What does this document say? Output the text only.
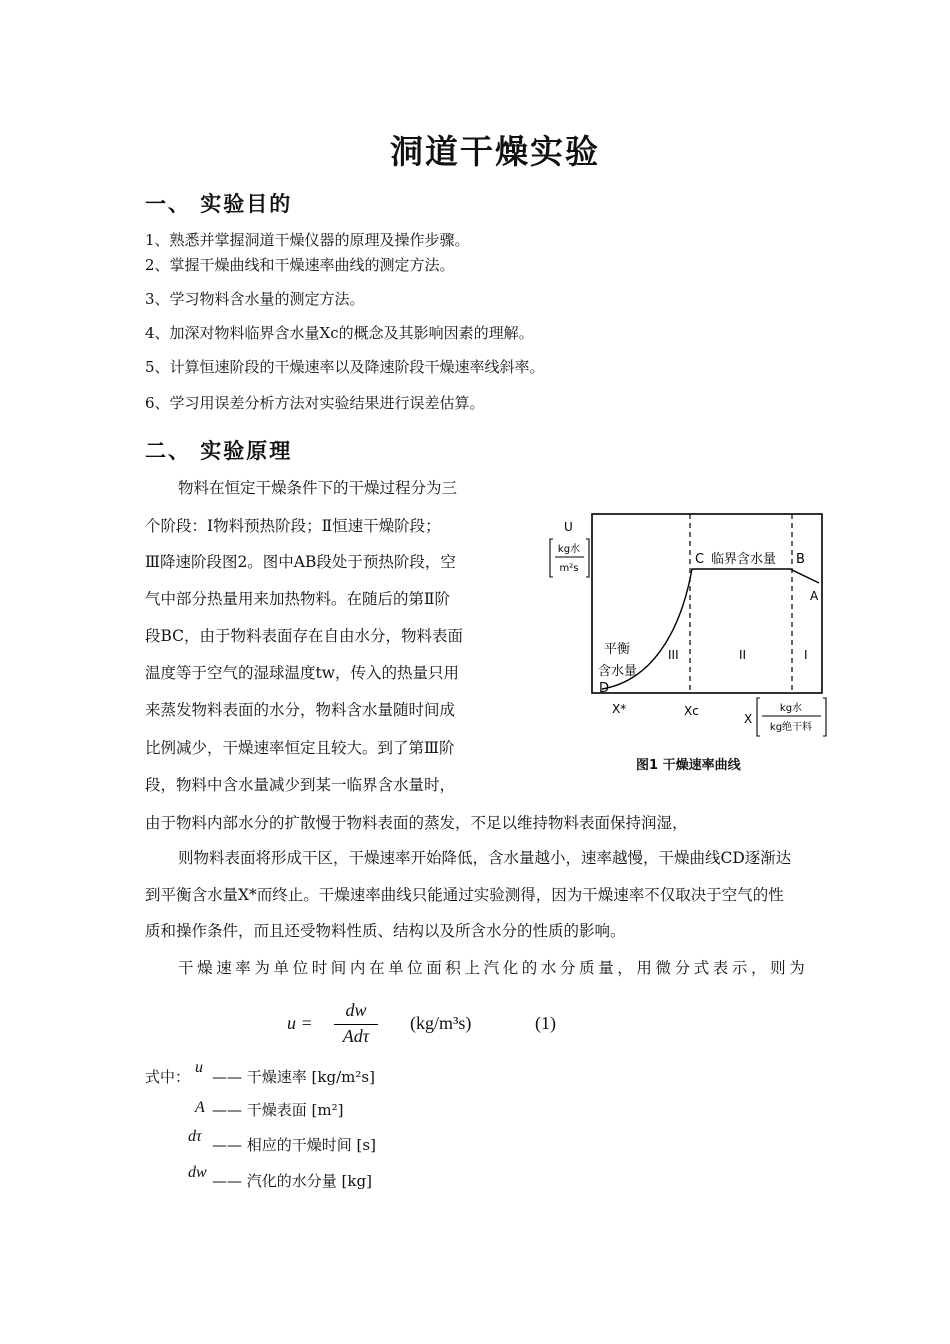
洞道干燥实验
一、 实验目的
1、熟悉并掌握洞道干燥仪器的原理及操作步骤。
2、掌握干燥曲线和干燥速率曲线的测定方法。
3、学习物料含水量的测定方法。
4、加深对物料临界含水量Xc的概念及其影响因素的理解。
5、计算恒速阶段的干燥速率以及降速阶段干燥速率线斜率。
6、学习用误差分析方法对实验结果进行误差估算。
二、 实验原理
物料在恒定干燥条件下的干燥过程分为三
个阶段：Ⅰ物料预热阶段；Ⅱ恒速干燥阶段；
Ⅲ降速阶段图2。图中AB段处于预热阶段，空
气中部分热量用来加热物料。在随后的第Ⅱ阶
段BC，由于物料表面存在自由水分，物料表面
温度等于空气的湿球温度tw，传入的热量只用
来蒸发物料表面的水分，物料含水量随时间成
比例减少，干燥速率恒定且较大。到了第Ⅲ阶
段，物料中含水量减少到某一临界含水量时，
U
kg水
m²s
C 临界含水量 B
A
平衡
含水量
D
III	II	I
X*	Xc
X
kg水
kg绝干料
图1 干燥速率曲线
由于物料内部水分的扩散慢于物料表面的蒸发，不足以维持物料表面保持润湿，
则物料表面将形成干区，干燥速率开始降低，含水量越小，速率越慢，干燥曲线CD逐渐达
到平衡含水量X*而终止。干燥速率曲线只能通过实验测得，因为干燥速率不仅取决于空气的性
质和操作条件，而且还受物料性质、结构以及所含水分的性质的影响。
干燥速率为单位时间内在单位面积上汽化的水分质量，用微分式表示，则为
u =
dw
Adτ
(kg/m³s)	(1)
式中：
u
—— 干燥速率 [kg/m²s]
A —— 干燥表面 [m²]
dτ —— 相应的干燥时间 [s]
dw —— 汽化的水分量 [kg]
